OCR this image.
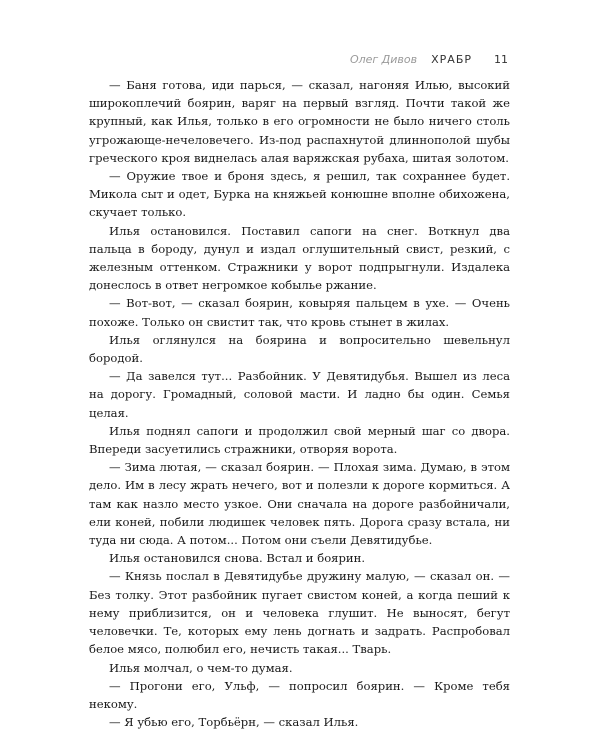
Олег Дивов ХРАБР 11

— Баня готова, иди парься, — сказал, нагоняя Илью, высокий широкоплечий боярин, варяг на первый взгляд. Почти такой же крупный, как Илья, только в его огромности не было ничего столь угрожающе-нечеловечего. Из-под распахнутой длиннополой шубы греческого кроя виднелась алая варяжская рубаха, шитая золотом.

— Оружие твое и броня здесь, я решил, так сохраннее будет. Микола сыт и одет, Бурка на княжьей конюшне вполне обихожена, скучает только.

Илья остановился. Поставил сапоги на снег. Воткнул два пальца в бороду, дунул и издал оглушительный свист, резкий, с железным оттенком. Стражники у ворот подпрыгнули. Издалека донеслось в ответ негромкое кобылье ржание.

— Вот-вот, — сказал боярин, ковыряя пальцем в ухе. — Очень похоже. Только он свистит так, что кровь стынет в жилах.

Илья оглянулся на боярина и вопросительно шевельнул бородой.

— Да завелся тут... Разбойник. У Девятидубья. Вышел из леса на дорогу. Громадный, соловой масти. И ладно бы один. Семья целая.

Илья поднял сапоги и продолжил свой мерный шаг со двора. Впереди засуетились стражники, отворяя ворота.

— Зима лютая, — сказал боярин. — Плохая зима. Думаю, в этом дело. Им в лесу жрать нечего, вот и полезли к дороге кормиться. А там как назло место узкое. Они сначала на дороге разбойничали, ели коней, побили людишек человек пять. Дорога сразу встала, ни туда ни сюда. А потом... Потом они съели Девятидубье.

Илья остановился снова. Встал и боярин.

— Князь послал в Девятидубье дружину малую, — сказал он. — Без толку. Этот разбойник пугает свистом коней, а когда пеший к нему приблизится, он и человека глушит. Не выносят, бегут человечки. Те, которых ему лень догнать и задрать. Распробовал белое мясо, полюбил его, нечисть такая... Тварь.

Илья молчал, о чем-то думая.

— Прогони его, Ульф, — попросил боярин. — Кроме тебя некому.

— Я убью его, Торбьёрн, — сказал Илья.
